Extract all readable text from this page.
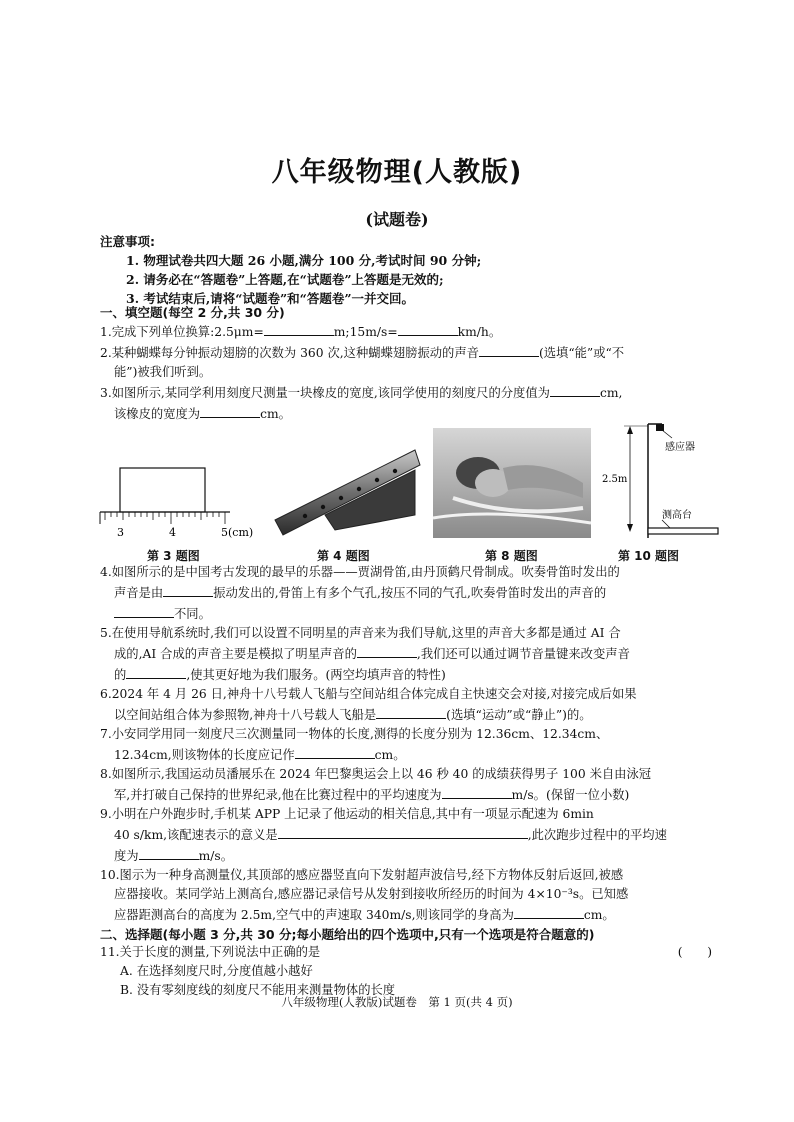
八年级物理(人教版)
(试题卷)
注意事项:
1. 物理试卷共四大题 26 小题,满分 100 分,考试时间 90 分钟;
2. 请务必在“答题卷”上答题,在“试题卷”上答题是无效的;
3. 考试结束后,请将“试题卷”和“答题卷”一并交回。
一、填空题(每空 2 分,共 30 分)
1.完成下列单位换算:2.5μm=	m;15m/s=	km/h。
2.某种蝴蝶每分钟振动翅膀的次数为 360 次,这种蝴蝶翅膀振动的声音	(选填“能”或“不
能”)被我们听到。
3.如图所示,某同学利用刻度尺测量一块橡皮的宽度,该同学使用的刻度尺的分度值为	cm,
该橡皮的宽度为	cm。
3	4	5(cm)
第 3 题图	第 4 题图	第 8 题图
感应器
2.5m
测高台
第 10 题图
4.如图所示的是中国考古发现的最早的乐器——贾湖骨笛,由丹顶鹤尺骨制成。吹奏骨笛时发出的
声音是由	振动发出的,骨笛上有多个气孔,按压不同的气孔,吹奏骨笛时发出的声音的
不同。
5.在使用导航系统时,我们可以设置不同明星的声音来为我们导航,这里的声音大多都是通过 AI 合
成的,AI 合成的声音主要是模拟了明星声音的	,我们还可以通过调节音量键来改变声音
的	,使其更好地为我们服务。(两空均填声音的特性)
6.2024 年 4 月 26 日,神舟十八号载人飞船与空间站组合体完成自主快速交会对接,对接完成后如果
以空间站组合体为参照物,神舟十八号载人飞船是	(选填“运动”或“静止”)的。
7.小安同学用同一刻度尺三次测量同一物体的长度,测得的长度分别为 12.36cm、12.34cm、
12.34cm,则该物体的长度应记作	cm。
8.如图所示,我国运动员潘展乐在 2024 年巴黎奥运会上以 46 秒 40 的成绩获得男子 100 米自由泳冠
军,并打破自己保持的世界纪录,他在比赛过程中的平均速度为	m/s。(保留一位小数)
9.小明在户外跑步时,手机某 APP 上记录了他运动的相关信息,其中有一项显示配速为 6min
40 s/km,该配速表示的意义是	,此次跑步过程中的平均速
度为	m/s。
10.图示为一种身高测量仪,其顶部的感应器竖直向下发射超声波信号,经下方物体反射后返回,被感
应器接收。某同学站上测高台,感应器记录信号从发射到接收所经历的时间为 4×10⁻³s。已知感
应器距测高台的高度为 2.5m,空气中的声速取 340m/s,则该同学的身高为	cm。
二、选择题(每小题 3 分,共 30 分;每小题给出的四个选项中,只有一个选项是符合题意的)
11.关于长度的测量,下列说法中正确的是	(　　)
A. 在选择刻度尺时,分度值越小越好
B. 没有零刻度线的刻度尺不能用来测量物体的长度
八年级物理(人教版)试题卷　第 1 页(共 4 页)
